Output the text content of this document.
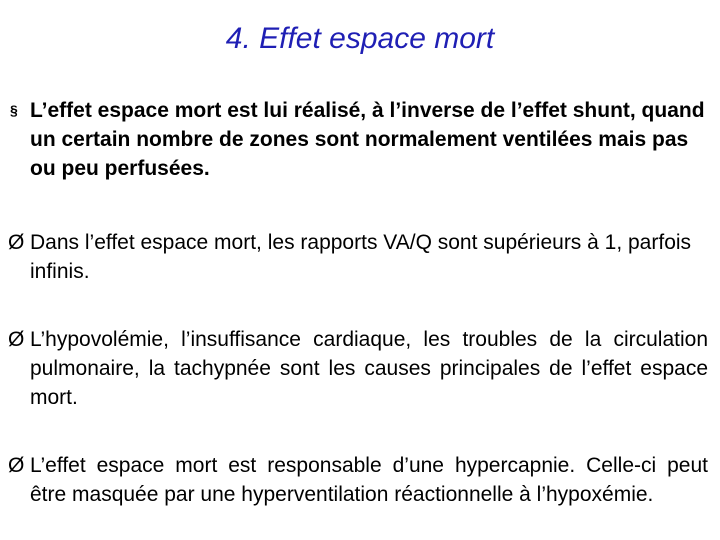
4. Effet espace mort
§ L’effet espace mort est lui réalisé, à l’inverse de l’effet shunt, quand un certain nombre de zones sont normalement ventilées mais pas ou peu perfusées.
Ø Dans l’effet espace mort, les rapports VA/Q sont supérieurs à 1, parfois infinis.
Ø L’hypovolémie, l’insuffisance cardiaque, les troubles de la circulation pulmonaire, la tachypnée sont les causes principales de l’effet espace mort.
Ø L’effet espace mort est responsable d’une hypercapnie. Celle-ci peut être masquée par une hyperventilation réactionnelle à l’hypoxémie.
